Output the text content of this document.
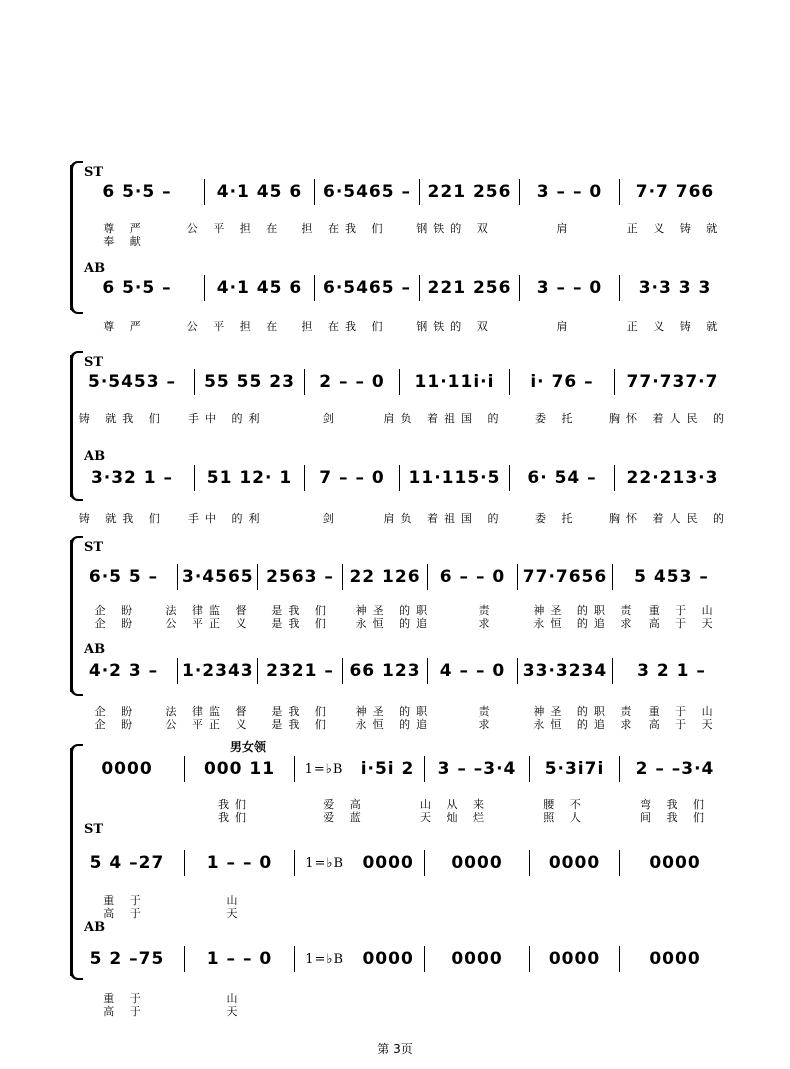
ST
6 5·5 –	4·1 45 6	6·5465 – 221 256	3 – – 0	7·7 766
尊 严	公 平 担 在	担 在我 们	钢铁的 双	肩	正 义 铸 就
奉 献
AB
6 5·5 –	4·1 45 6	6·5465 – 221 256	3 – – 0	3·3 3 3
尊 严	公 平 担 在	担 在我 们	钢铁的 双	肩	正 义 铸 就
ST
5·5453 –	55 55 23	2 – – 0	11·11i·i	i· 76 –	77·737·7
铸 就我 们	手中 的利	剑	肩负 着祖国 的	委 托	胸怀 着人民 的
AB
3·32 1 –	51 12· 1	7 – – 0	11·115·5	6· 54 –	22·213·3
铸 就我 们	手中 的利	剑	肩负 着祖国 的	委 托	胸怀 着人民 的
ST
6·5 5 –	3·4565 2563 – 22 126	6 – – 0	77·7656	5 453 –
企 盼	法 律监 督	是我 们	神圣 的职	责	神圣 的职 责	重 于 山
企 盼	公 平正 义	是我 们	永恒 的追	求	永恒 的追 求	高 于 天
AB
4·2 3 –	1·2343 2321 – 66 123	4 – – 0	33·3234	3 2 1 –
企 盼	法 律监 督	是我 们	神圣 的职	责	神圣 的职 责	重 于 山
企 盼	公 平正 义	是我 们	永恒 的追	求	永恒 的追 求	高 于 天
男女领
0000	000 11	1=♭B i·5i 2	3 – –3·4	5·3i7i	2 – –3·4
我们	爱 高	山 从 来	腰 不	弯 我 们
我们	爱 蓝	天 灿 烂	照 人	间 我 们
ST
5 4 –27	1 – – 0	1=♭B 0000	0000	0000	0000
重 于	山
高 于	天
AB
5 2 –75	1 – – 0	1=♭B 0000	0000	0000	0000
重 于	山
高 于	天
第 3页
